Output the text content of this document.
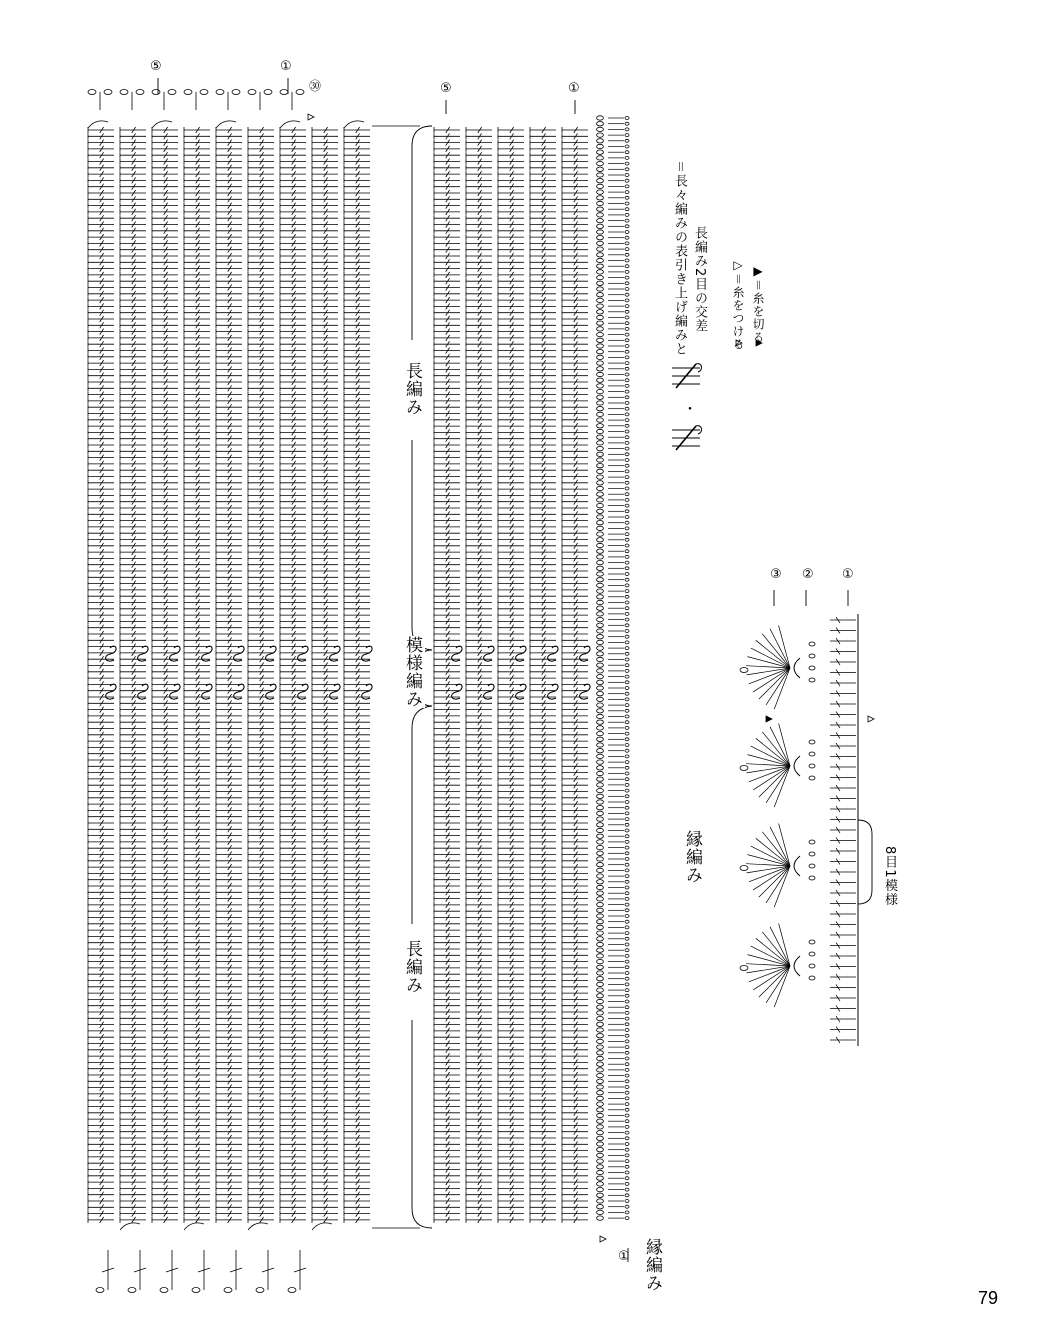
⑤	①
㉚	⑤	①
①
③ ② ①
・
長編み
模様編み
長編み
縁編み
縁編み	8目1模様
＝長々編みの表引き上げ編みと 長編み2目の交差 ▷＝糸をつける ▶＝糸を切る
79
